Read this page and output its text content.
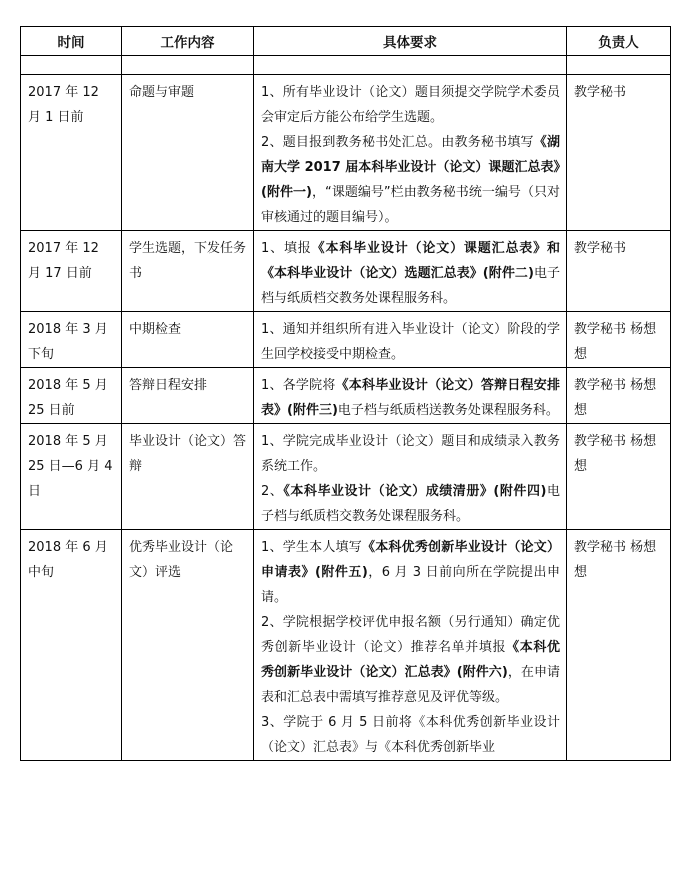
时间	工作内容	具体要求	负责人

2017 年 12 月 1 日前	命题与审题	1、所有毕业设计（论文）题目须提交学院学术委员会审定后方能公布给学生选题。

2、题目报到教务秘书处汇总。由教务秘书填写《湖南大学 2017 届本科毕业设计（论文）课题汇总表》(附件一)，“课题编号”栏由教务秘书统一编号（只对审核通过的题目编号）。	教学秘书
2017 年 12 月 17 日前	学生选题，下发任务书	1、填报《本科毕业设计（论文）课题汇总表》和《本科毕业设计（论文）选题汇总表》(附件二)电子档与纸质档交教务处课程服务科。	教学秘书
2018 年 3 月下旬	中期检查	1、通知并组织所有进入毕业设计（论文）阶段的学生回学校接受中期检查。	教学秘书 杨想想
2018 年 5 月 25 日前	答辩日程安排	1、各学院将《本科毕业设计（论文）答辩日程安排表》(附件三)电子档与纸质档送教务处课程服务科。	教学秘书 杨想想
2018 年 5 月 25 日—6 月 4 日	毕业设计（论文）答辩	1、学院完成毕业设计（论文）题目和成绩录入教务系统工作。

2、《本科毕业设计（论文）成绩清册》(附件四)电子档与纸质档交教务处课程服务科。	教学秘书 杨想想
2018 年 6 月中旬	优秀毕业设计（论文）评选	1、学生本人填写《本科优秀创新毕业设计（论文）申请表》(附件五)，6 月 3 日前向所在学院提出申请。

2、学院根据学校评优申报名额（另行通知）确定优秀创新毕业设计（论文）推荐名单并填报《本科优秀创新毕业设计（论文）汇总表》(附件六)，在申请表和汇总表中需填写推荐意见及评优等级。

3、学院于 6 月 5 日前将《本科优秀创新毕业设计（论文）汇总表》与《本科优秀创新毕业	教学秘书 杨想想
